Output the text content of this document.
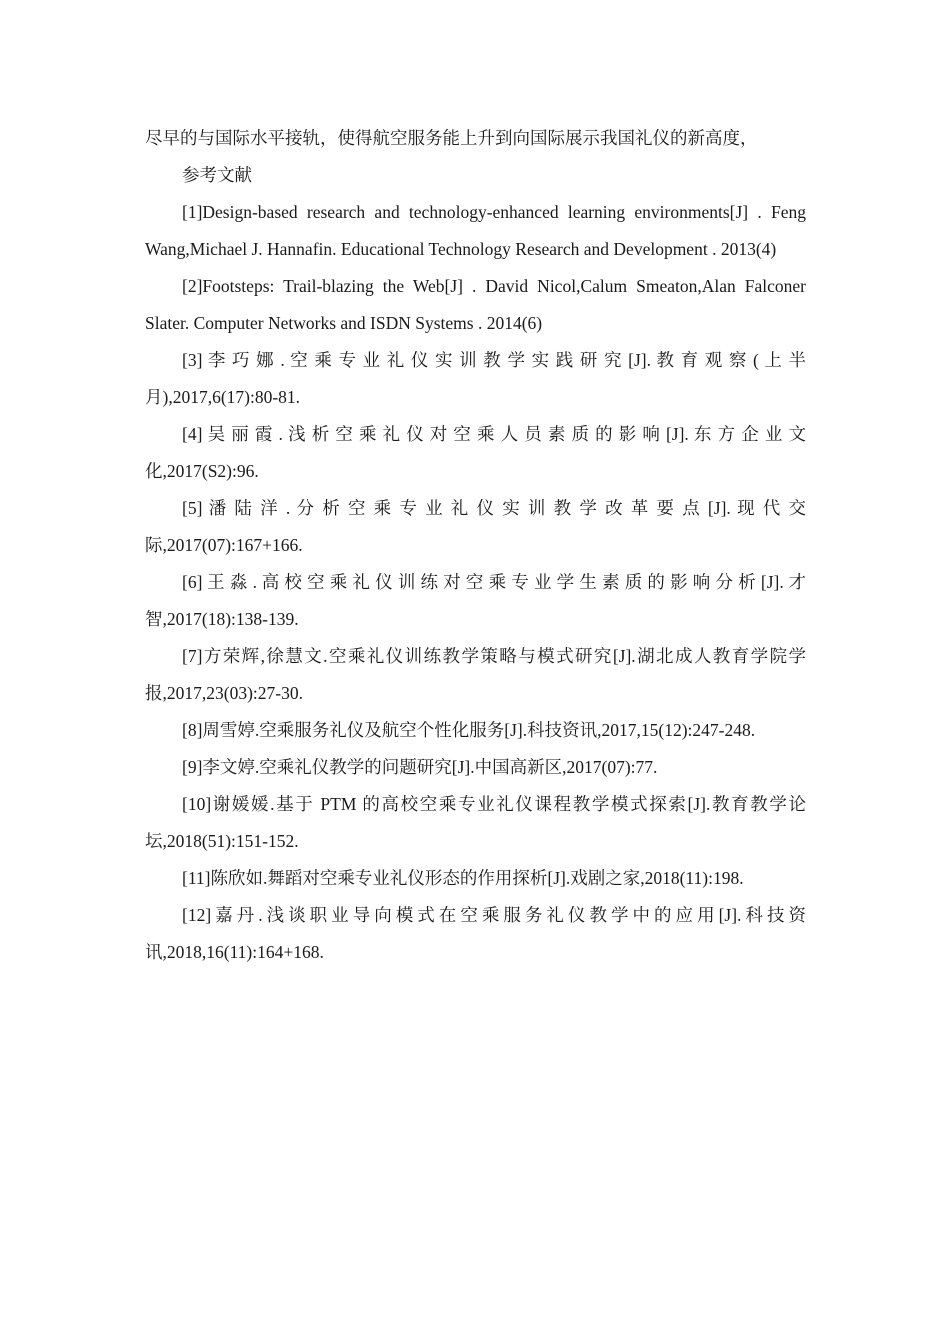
尽早的与国际水平接轨，使得航空服务能上升到向国际展示我国礼仪的新高度，

参考文献

[1]Design-based research and technology-enhanced learning environments[J] . Feng Wang,Michael J. Hannafin. Educational Technology Research and Development . 2013(4)

[2]Footsteps: Trail-blazing the Web[J] . David Nicol,Calum Smeaton,Alan Falconer Slater. Computer Networks and ISDN Systems . 2014(6)

[3] 李 巧 娜 . 空 乘 专 业 礼 仪 实 训 教 学 实 践 研 究 [J]. 教 育 观 察 ( 上 半 月),2017,6(17):80-81.

[4] 吴 丽 霞 . 浅 析 空 乘 礼 仪 对 空 乘 人 员 素 质 的 影 响 [J]. 东 方 企 业 文 化,2017(S2):96.

[5] 潘 陆 洋 . 分 析 空 乘 专 业 礼 仪 实 训 教 学 改 革 要 点 [J]. 现 代 交 际,2017(07):167+166.

[6] 王 淼 . 高 校 空 乘 礼 仪 训 练 对 空 乘 专 业 学 生 素 质 的 影 响 分 析 [J]. 才 智,2017(18):138-139.

[7]方荣辉,徐慧文.空乘礼仪训练教学策略与模式研究[J].湖北成人教育学院学报,2017,23(03):27-30.

[8]周雪婷.空乘服务礼仪及航空个性化服务[J].科技资讯,2017,15(12):247-248.

[9]李文婷.空乘礼仪教学的问题研究[J].中国高新区,2017(07):77.

[10]谢媛媛.基于 PTM 的高校空乘专业礼仪课程教学模式探索[J].教育教学论坛,2018(51):151-152.

[11]陈欣如.舞蹈对空乘专业礼仪形态的作用探析[J].戏剧之家,2018(11):198.

[12]嘉丹.浅谈职业导向模式在空乘服务礼仪教学中的应用[J].科技资讯,2018,16(11):164+168.
